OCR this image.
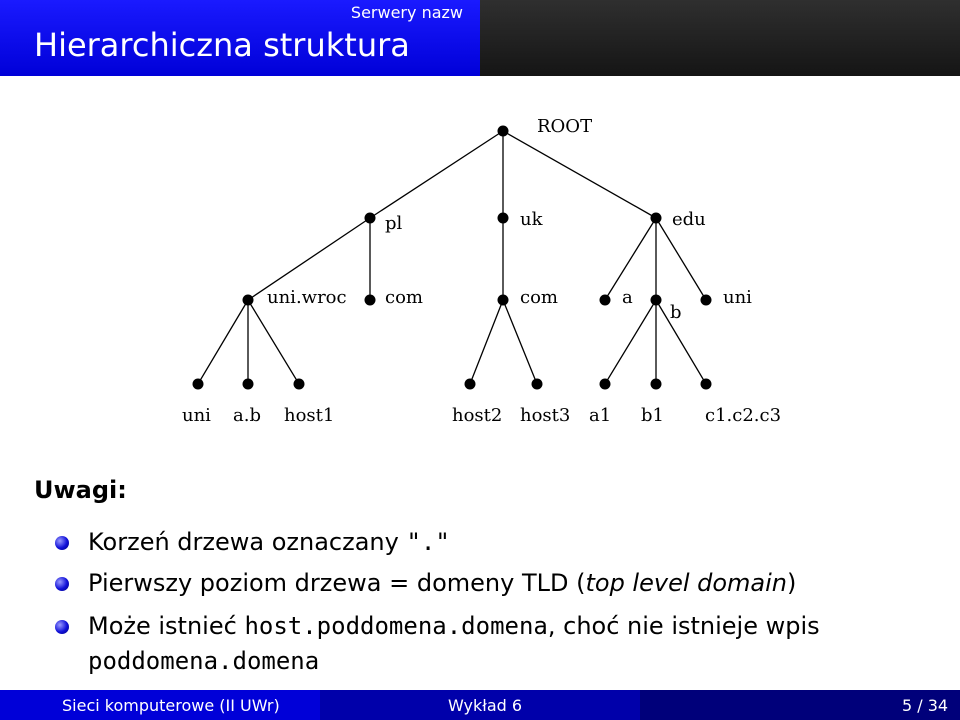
Serwery nazw
Hierarchiczna struktura
ROOT
pl	uk	edu
uni.wroc com	com	a
b
uni
uni a.b host1	host2 host3 a1 b1 c1.c2.c3
Uwagi:
Korzeń drzewa oznaczany "."
Pierwszy poziom drzewa = domeny TLD (top level domain)
Może istnieć host.poddomena.domena, choć nie istnieje wpis
poddomena.domena
Sieci komputerowe (II UWr)	Wykład 6	5 / 34
